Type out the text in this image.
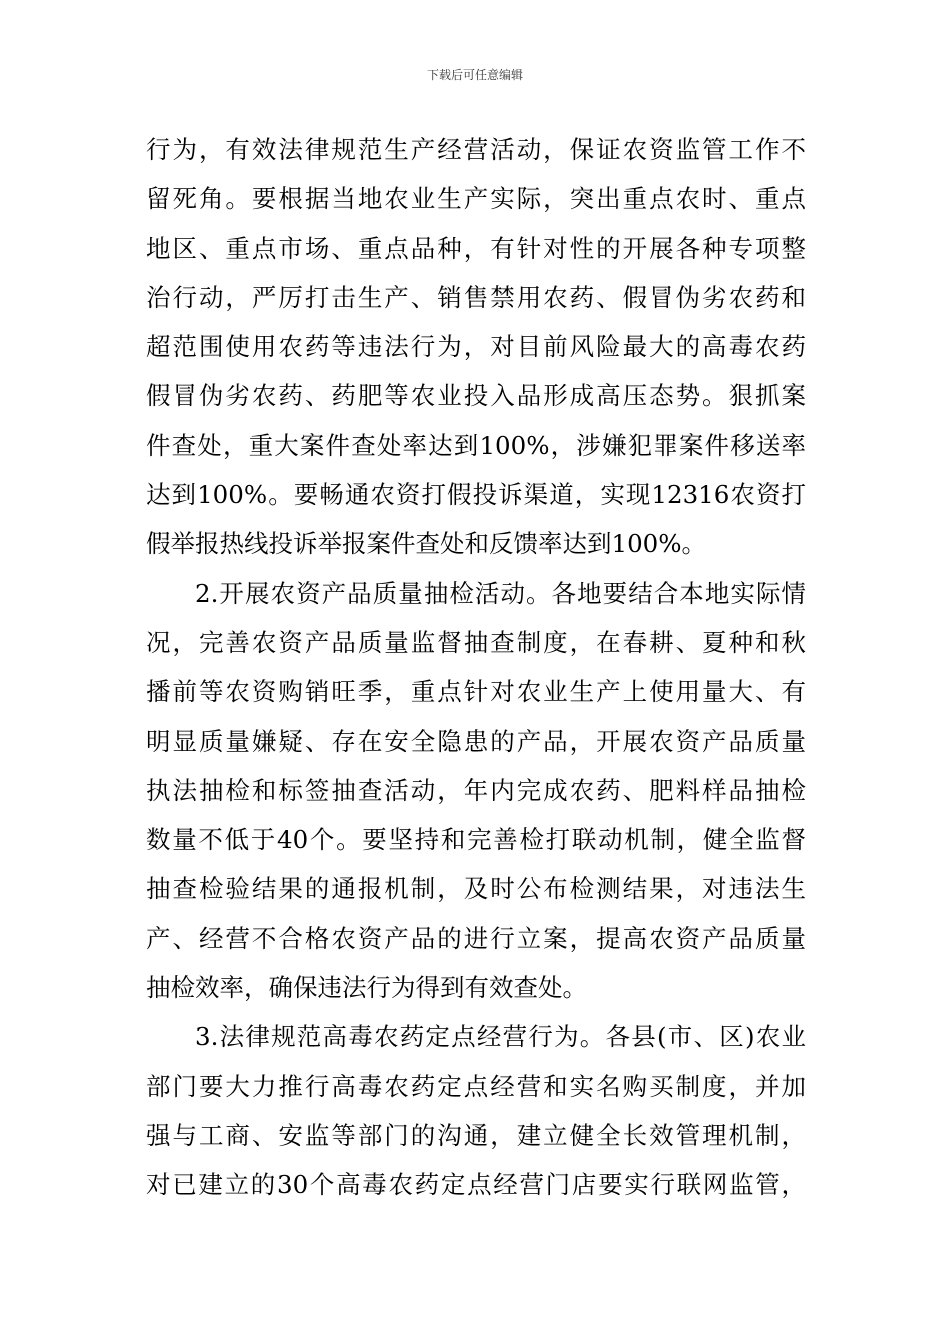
下载后可任意编辑
行为，有效法律规范生产经营活动，保证农资监管工作不
留死角。要根据当地农业生产实际，突出重点农时、重点
地区、重点市场、重点品种，有针对性的开展各种专项整
治行动，严厉打击生产、销售禁用农药、假冒伪劣农药和
超范围使用农药等违法行为，对目前风险最大的高毒农药
假冒伪劣农药、药肥等农业投入品形成高压态势。狠抓案
件查处，重大案件查处率达到100%，涉嫌犯罪案件移送率
达到100%。要畅通农资打假投诉渠道，实现12316农资打
假举报热线投诉举报案件查处和反馈率达到100%。
2.开展农资产品质量抽检活动。各地要结合本地实际情
况，完善农资产品质量监督抽查制度，在春耕、夏种和秋
播前等农资购销旺季，重点针对农业生产上使用量大、有
明显质量嫌疑、存在安全隐患的产品，开展农资产品质量
执法抽检和标签抽查活动，年内完成农药、肥料样品抽检
数量不低于40个。要坚持和完善检打联动机制，健全监督
抽查检验结果的通报机制，及时公布检测结果，对违法生
产、经营不合格农资产品的进行立案，提高农资产品质量
抽检效率，确保违法行为得到有效查处。
3.法律规范高毒农药定点经营行为。各县(市、区)农业
部门要大力推行高毒农药定点经营和实名购买制度，并加
强与工商、安监等部门的沟通，建立健全长效管理机制，
对已建立的30个高毒农药定点经营门店要实行联网监管，
